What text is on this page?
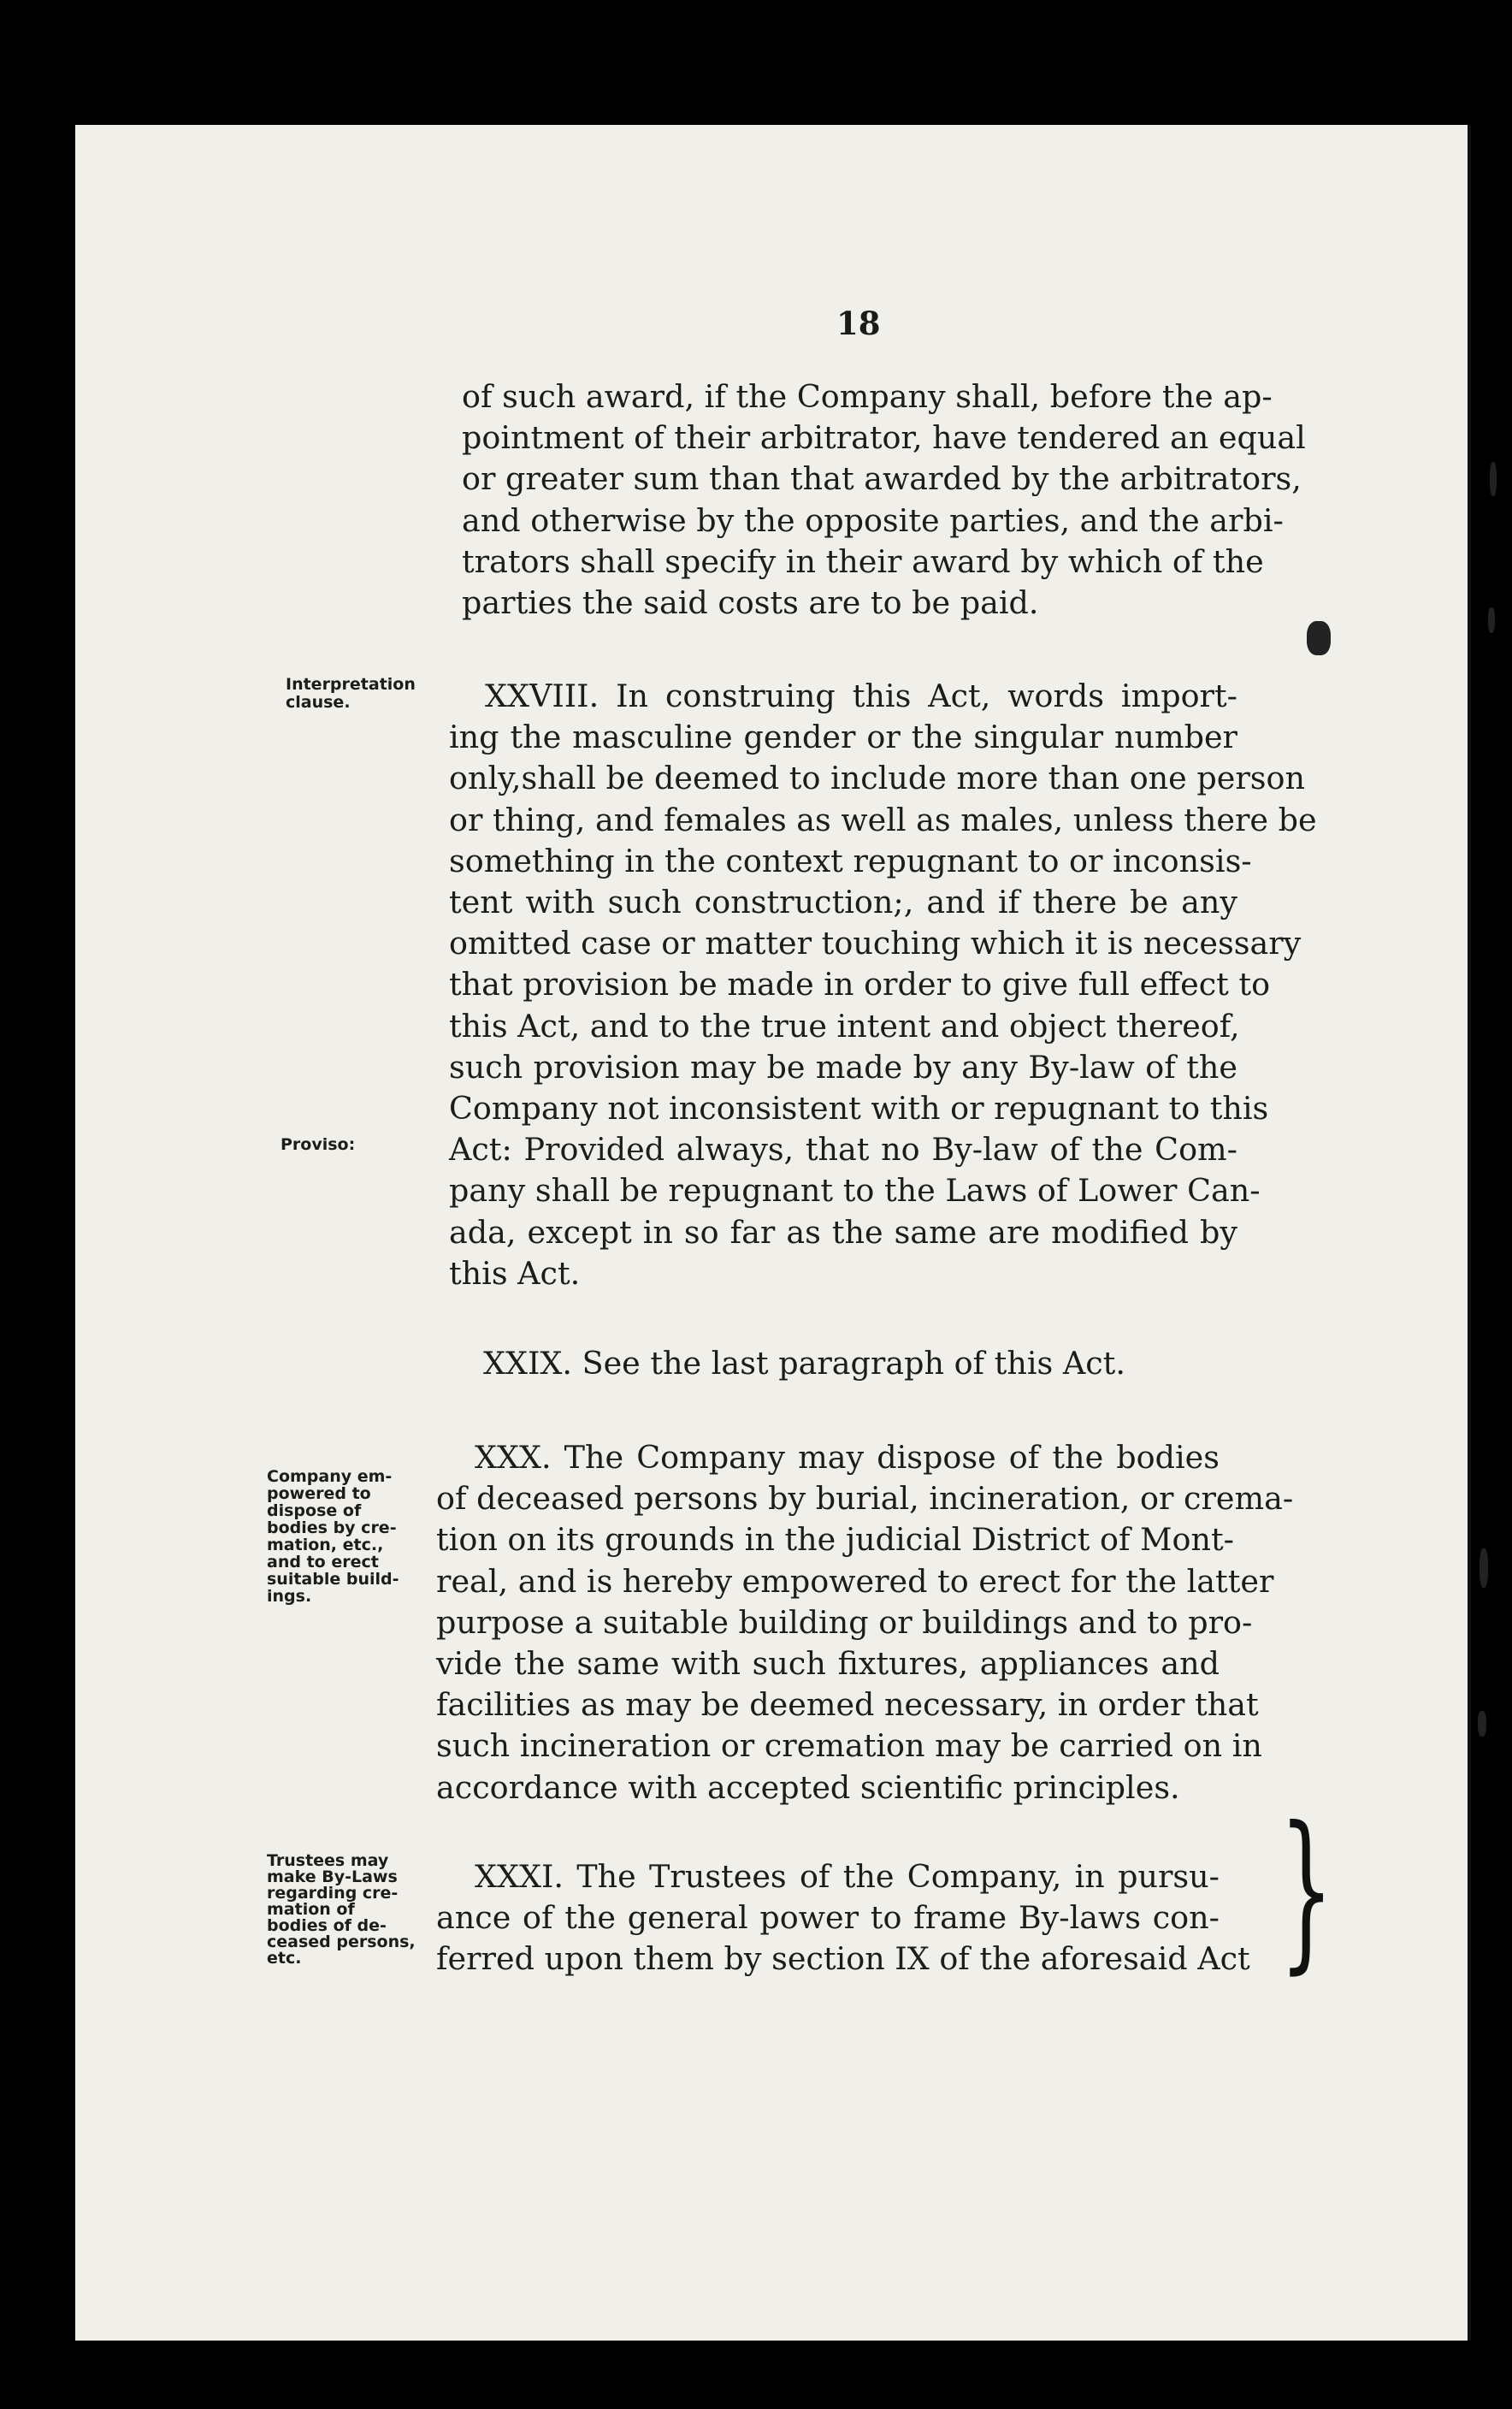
18
of such award, if the Company shall, before the ap-
pointment of their arbitrator, have tendered an equal
or greater sum than that awarded by the arbitrators,
and otherwise by the opposite parties, and the arbi-
trators shall specify in their award by which of the
parties the said costs are to be paid.
Interpretation
clause.	XXVIII. In construing this Act, words import-
ing the masculine gender or the singular number
only,shall be deemed to include more than one person
or thing, and females as well as males, unless there be
something in the context repugnant to or inconsis-
tent with such construction;, and if there be any
omitted case or matter touching which it is necessary
that provision be made in order to give full effect to
this Act, and to the true intent and object thereof,
such provision may be made by any By-law of the
Company not inconsistent with or repugnant to this
Act: Provided always, that no By-law of the Com-
pany shall be repugnant to the Laws of Lower Can-
ada, except in so far as the same are modified by
this Act.
Proviso:
XXIX. See the last paragraph of this Act.
Company em-
powered to
dispose of
bodies by cre-
mation, etc.,
and to erect
suitable build-
ings.
XXX. The Company may dispose of the bodies
of deceased persons by burial, incineration, or crema-
tion on its grounds in the judicial District of Mont-
real, and is hereby empowered to erect for the latter
purpose a suitable building or buildings and to pro-
vide the same with such fixtures, appliances and
facilities as may be deemed necessary, in order that
such incineration or cremation may be carried on in
accordance with accepted scientific principles.
Trustees may
make By-Laws
regarding cre-
mation of
bodies of de-
ceased persons,
etc.
XXXI. The Trustees of the Company, in pursu-
ance of the general power to frame By-laws con-
ferred upon them by section IX of the aforesaid Act }
